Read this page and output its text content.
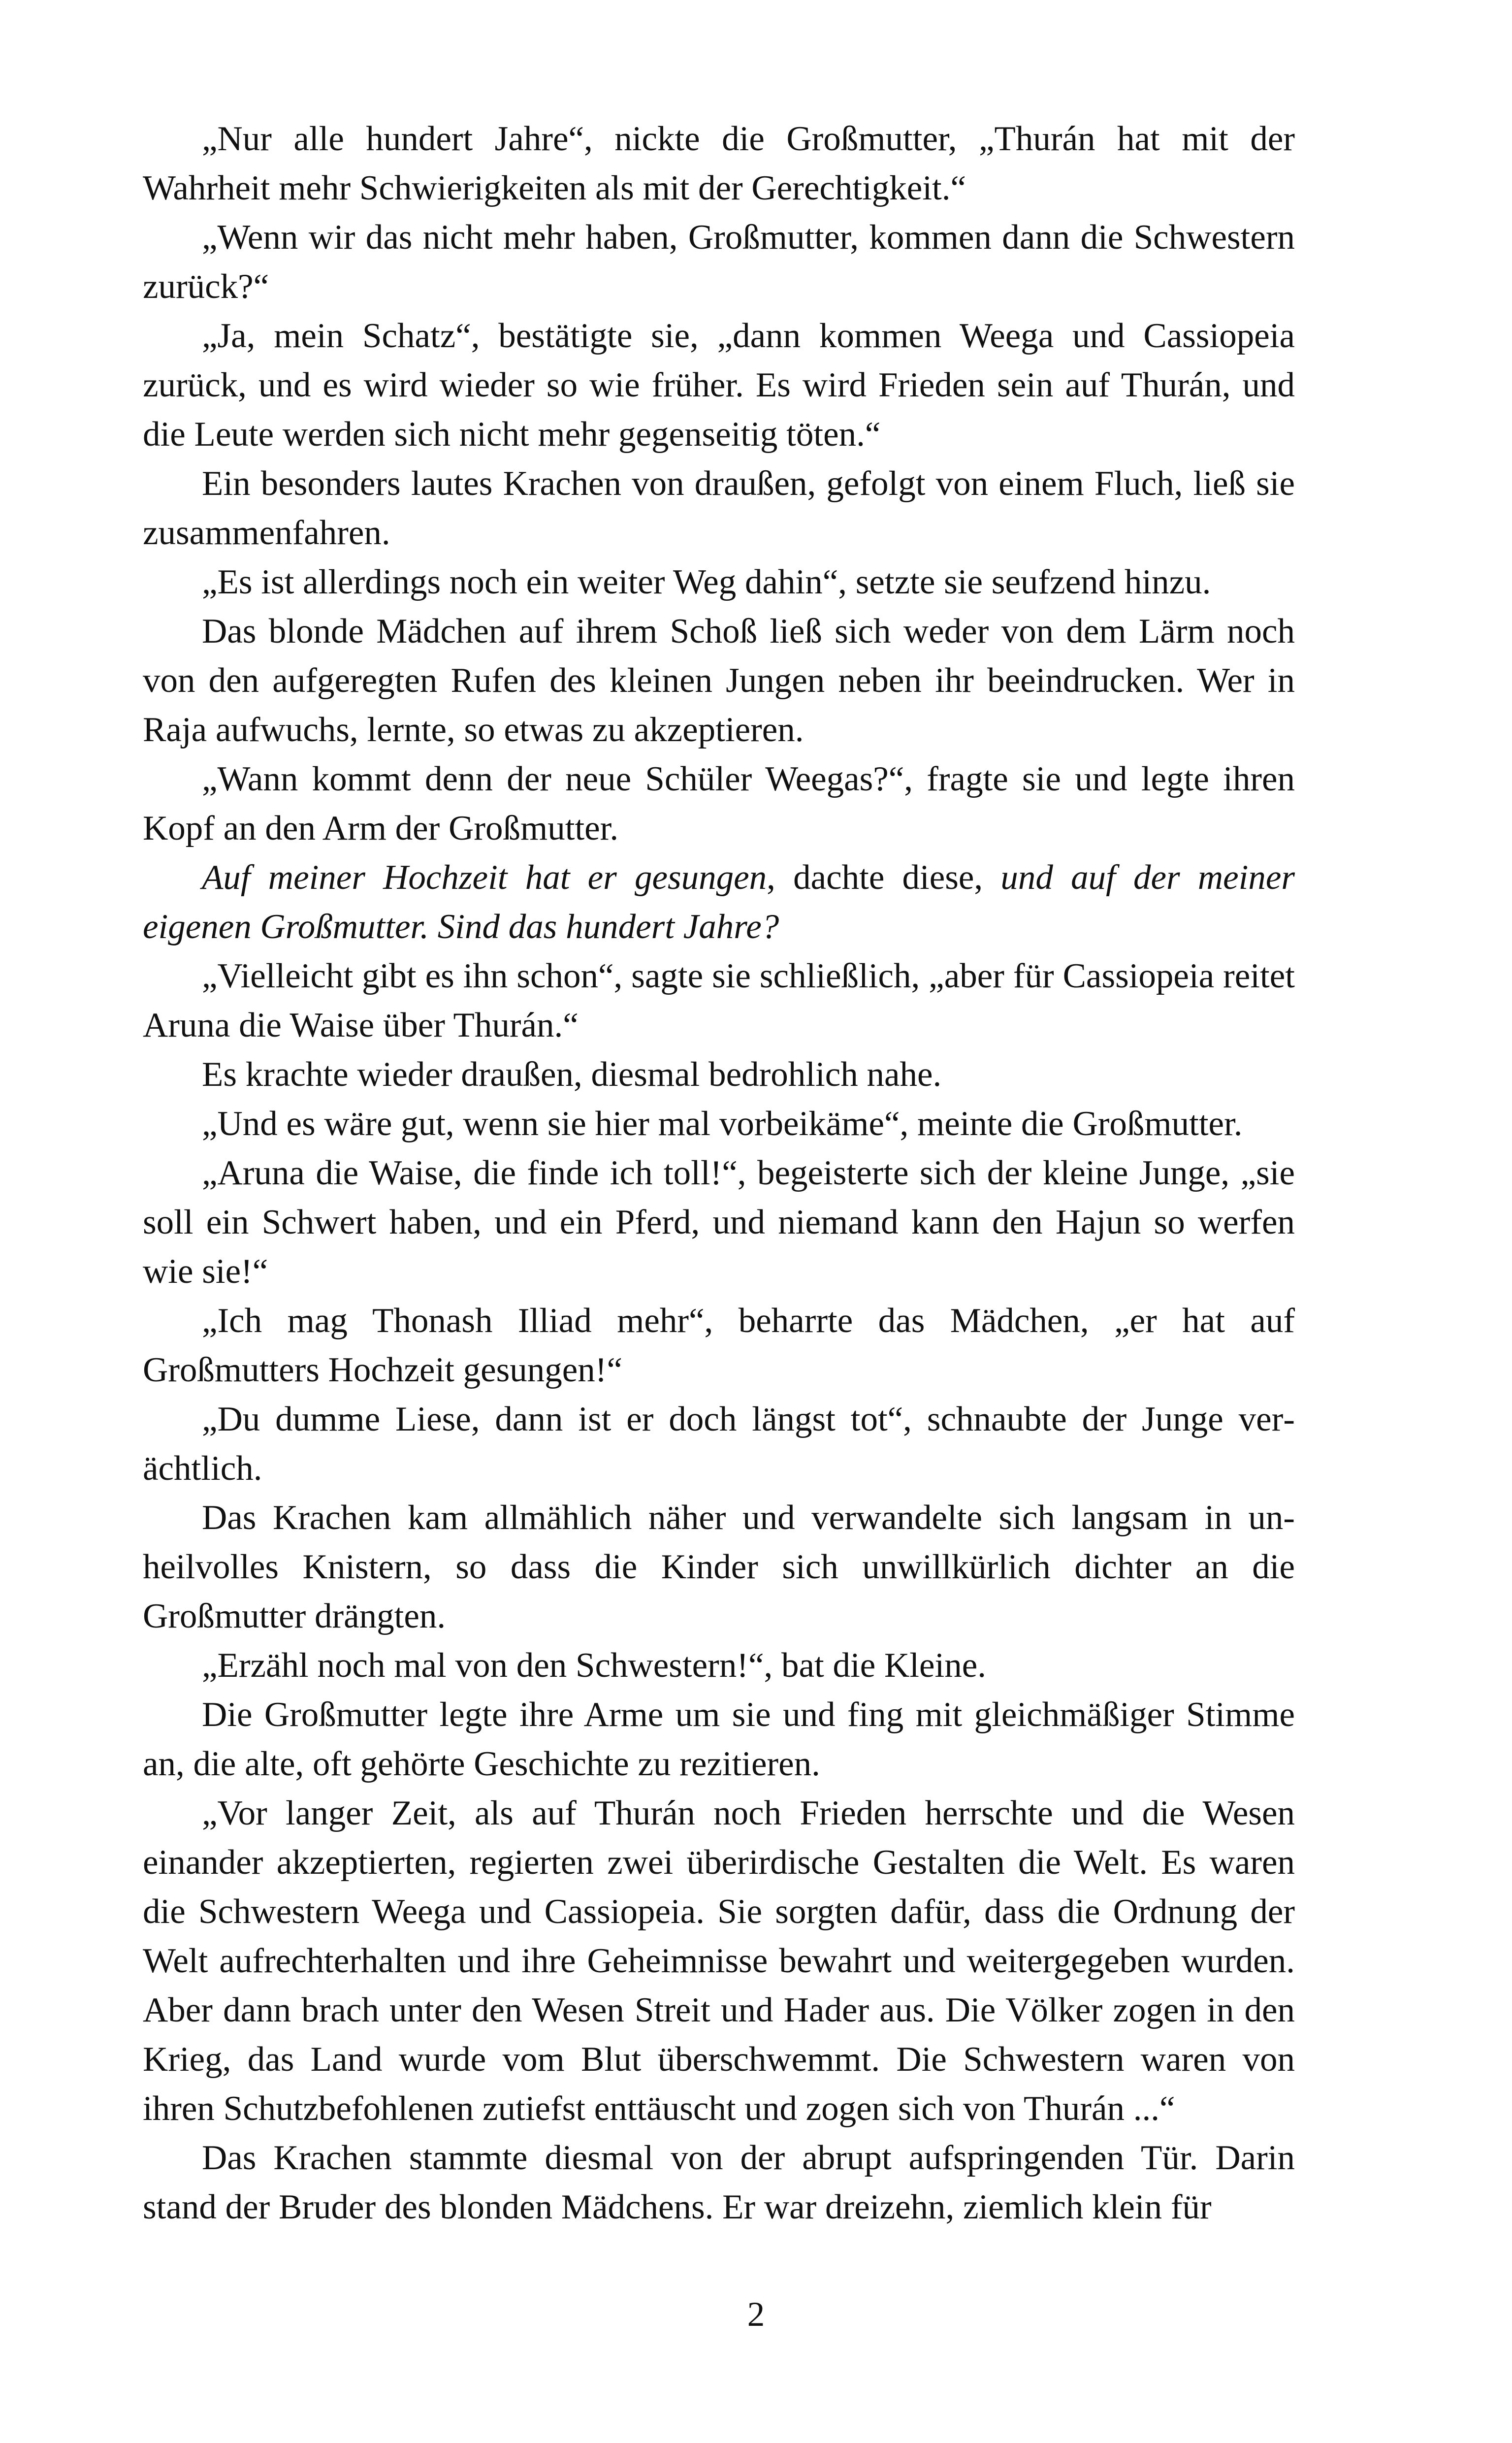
„Nur alle hundert Jahre“, nickte die Großmutter, „Thurán hat mit der Wahrheit mehr Schwierigkeiten als mit der Gerechtigkeit.“

„Wenn wir das nicht mehr haben, Großmutter, kommen dann die Schwestern zurück?“

„Ja, mein Schatz“, bestätigte sie, „dann kommen Weega und Cassiopeia zurück, und es wird wieder so wie früher. Es wird Frieden sein auf Thurán, und die Leute werden sich nicht mehr gegenseitig töten.“

Ein besonders lautes Krachen von draußen, gefolgt von einem Fluch, ließ sie zusammenfahren.

„Es ist allerdings noch ein weiter Weg dahin“, setzte sie seufzend hinzu.

Das blonde Mädchen auf ihrem Schoß ließ sich weder von dem Lärm noch von den aufgeregten Rufen des kleinen Jungen neben ihr beeindrucken. Wer in Raja aufwuchs, lernte, so etwas zu akzeptieren.

„Wann kommt denn der neue Schüler Weegas?“, fragte sie und legte ihren Kopf an den Arm der Großmutter.

Auf meiner Hochzeit hat er gesungen, dachte diese, und auf der meiner eigenen Großmutter. Sind das hundert Jahre?

„Vielleicht gibt es ihn schon“, sagte sie schließlich, „aber für Cassiopeia reitet Aruna die Waise über Thurán.“

Es krachte wieder draußen, diesmal bedrohlich nahe.

„Und es wäre gut, wenn sie hier mal vorbeikäme“, meinte die Großmutter.

„Aruna die Waise, die finde ich toll!“, begeisterte sich der kleine Junge, „sie soll ein Schwert haben, und ein Pferd, und niemand kann den Hajun so werfen wie sie!“

„Ich mag Thonash Illiad mehr“, beharrte das Mädchen, „er hat auf Großmutters Hochzeit gesungen!“

„Du dumme Liese, dann ist er doch längst tot“, schnaubte der Junge verächtlich.

Das Krachen kam allmählich näher und verwandelte sich langsam in unheilvolles Knistern, so dass die Kinder sich unwillkürlich dichter an die Großmutter drängten.

„Erzähl noch mal von den Schwestern!“, bat die Kleine.

Die Großmutter legte ihre Arme um sie und fing mit gleichmäßiger Stimme an, die alte, oft gehörte Geschichte zu rezitieren.

„Vor langer Zeit, als auf Thurán noch Frieden herrschte und die Wesen einander akzeptierten, regierten zwei überirdische Gestalten die Welt. Es waren die Schwestern Weega und Cassiopeia. Sie sorgten dafür, dass die Ordnung der Welt aufrechterhalten und ihre Geheimnisse bewahrt und weitergegeben wurden. Aber dann brach unter den Wesen Streit und Hader aus. Die Völker zogen in den Krieg, das Land wurde vom Blut überschwemmt. Die Schwestern waren von ihren Schutzbefohlenen zutiefst enttäuscht und zogen sich von Thurán ...“

Das Krachen stammte diesmal von der abrupt aufspringenden Tür. Darin stand der Bruder des blonden Mädchens. Er war dreizehn, ziemlich klein für

2
